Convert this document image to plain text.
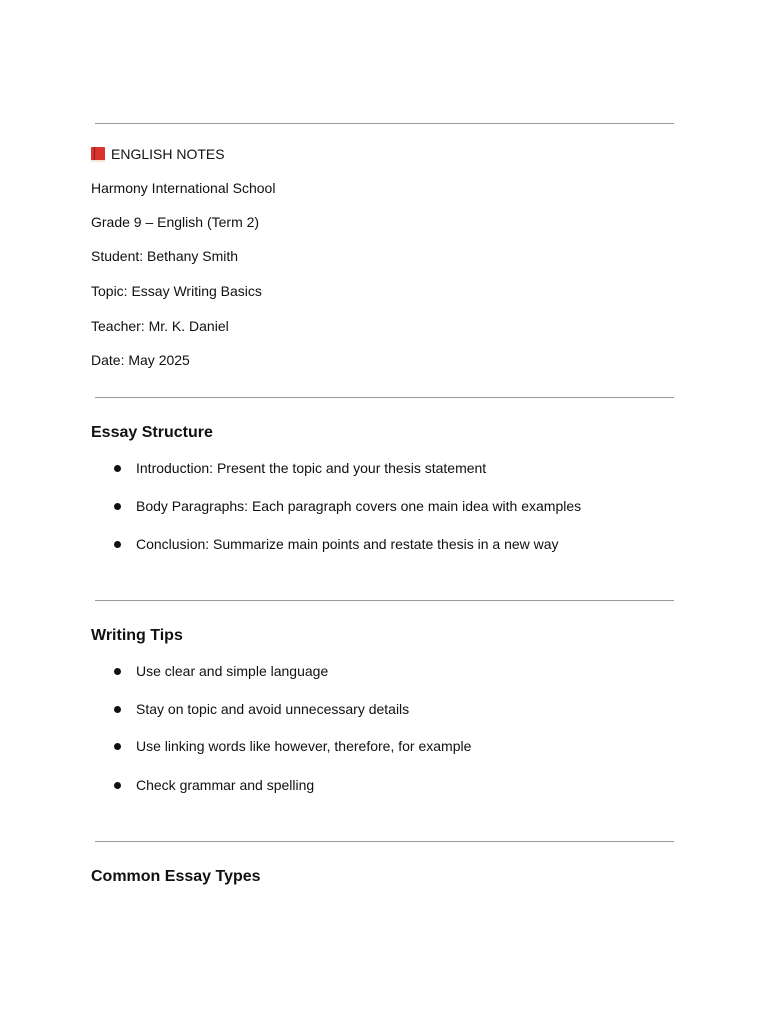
ENGLISH NOTES
Harmony International School
Grade 9 – English (Term 2)
Student: Bethany Smith
Topic: Essay Writing Basics
Teacher: Mr. K. Daniel
Date: May 2025
Essay Structure
Introduction: Present the topic and your thesis statement
Body Paragraphs: Each paragraph covers one main idea with examples
Conclusion: Summarize main points and restate thesis in a new way
Writing Tips
Use clear and simple language
Stay on topic and avoid unnecessary details
Use linking words like however, therefore, for example
Check grammar and spelling
Common Essay Types
